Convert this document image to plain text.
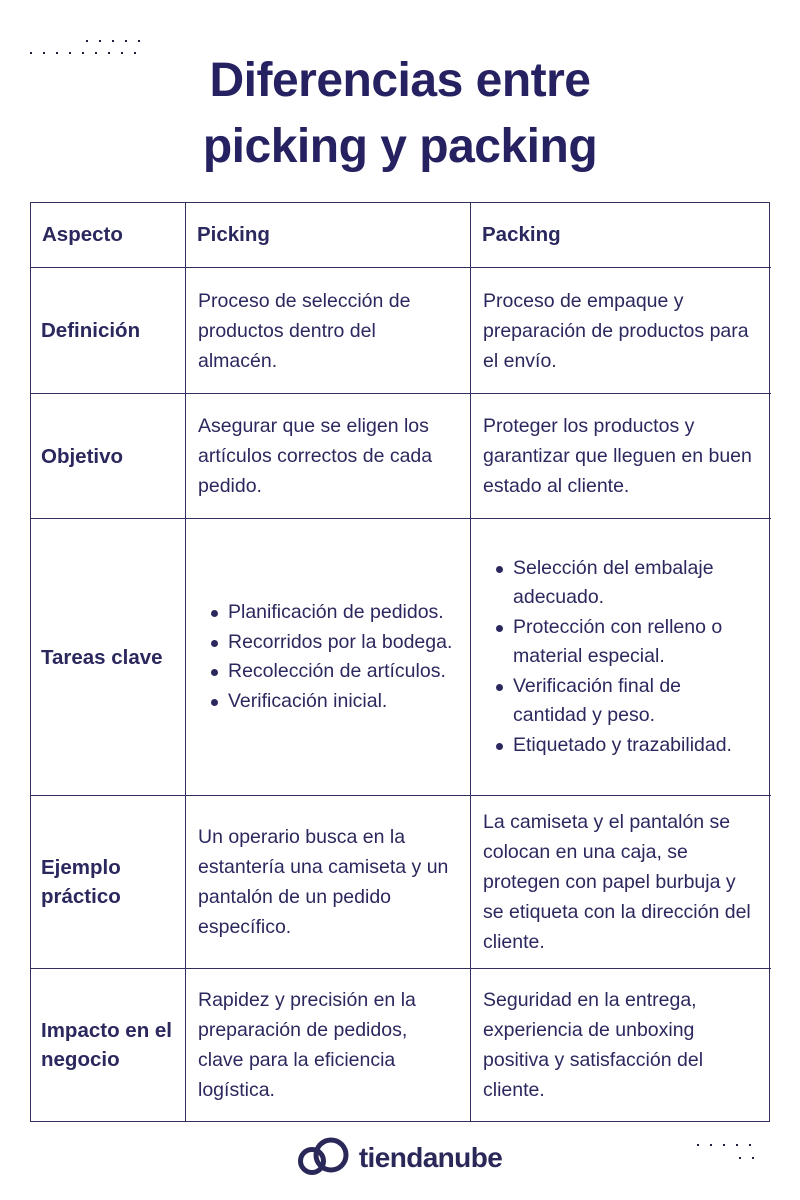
Diferencias entre
picking y packing
Aspecto	Picking	Packing
Definición
Proceso de selección de productos dentro del almacén.
Proceso de empaque y preparación de productos para el envío.
Objetivo
Asegurar que se eligen los artículos correctos de cada pedido.
Proteger los productos y garantizar que lleguen en buen estado al cliente.
Tareas clave
Planificación de pedidos.
Recorridos por la bodega.
Recolección de artículos.
Verificación inicial.
Selección del embalaje adecuado.
Protección con relleno o material especial.
Verificación final de cantidad y peso.
Etiquetado y trazabilidad.
Ejemplo práctico
Un operario busca en la estantería una camiseta y un pantalón de un pedido específico.
La camiseta y el pantalón se colocan en una caja, se protegen con papel burbuja y se etiqueta con la dirección del cliente.
Impacto en el negocio
Rapidez y precisión en la preparación de pedidos, clave para la eficiencia logística.
Seguridad en la entrega, experiencia de unboxing positiva y satisfacción del cliente.
tiendanube
